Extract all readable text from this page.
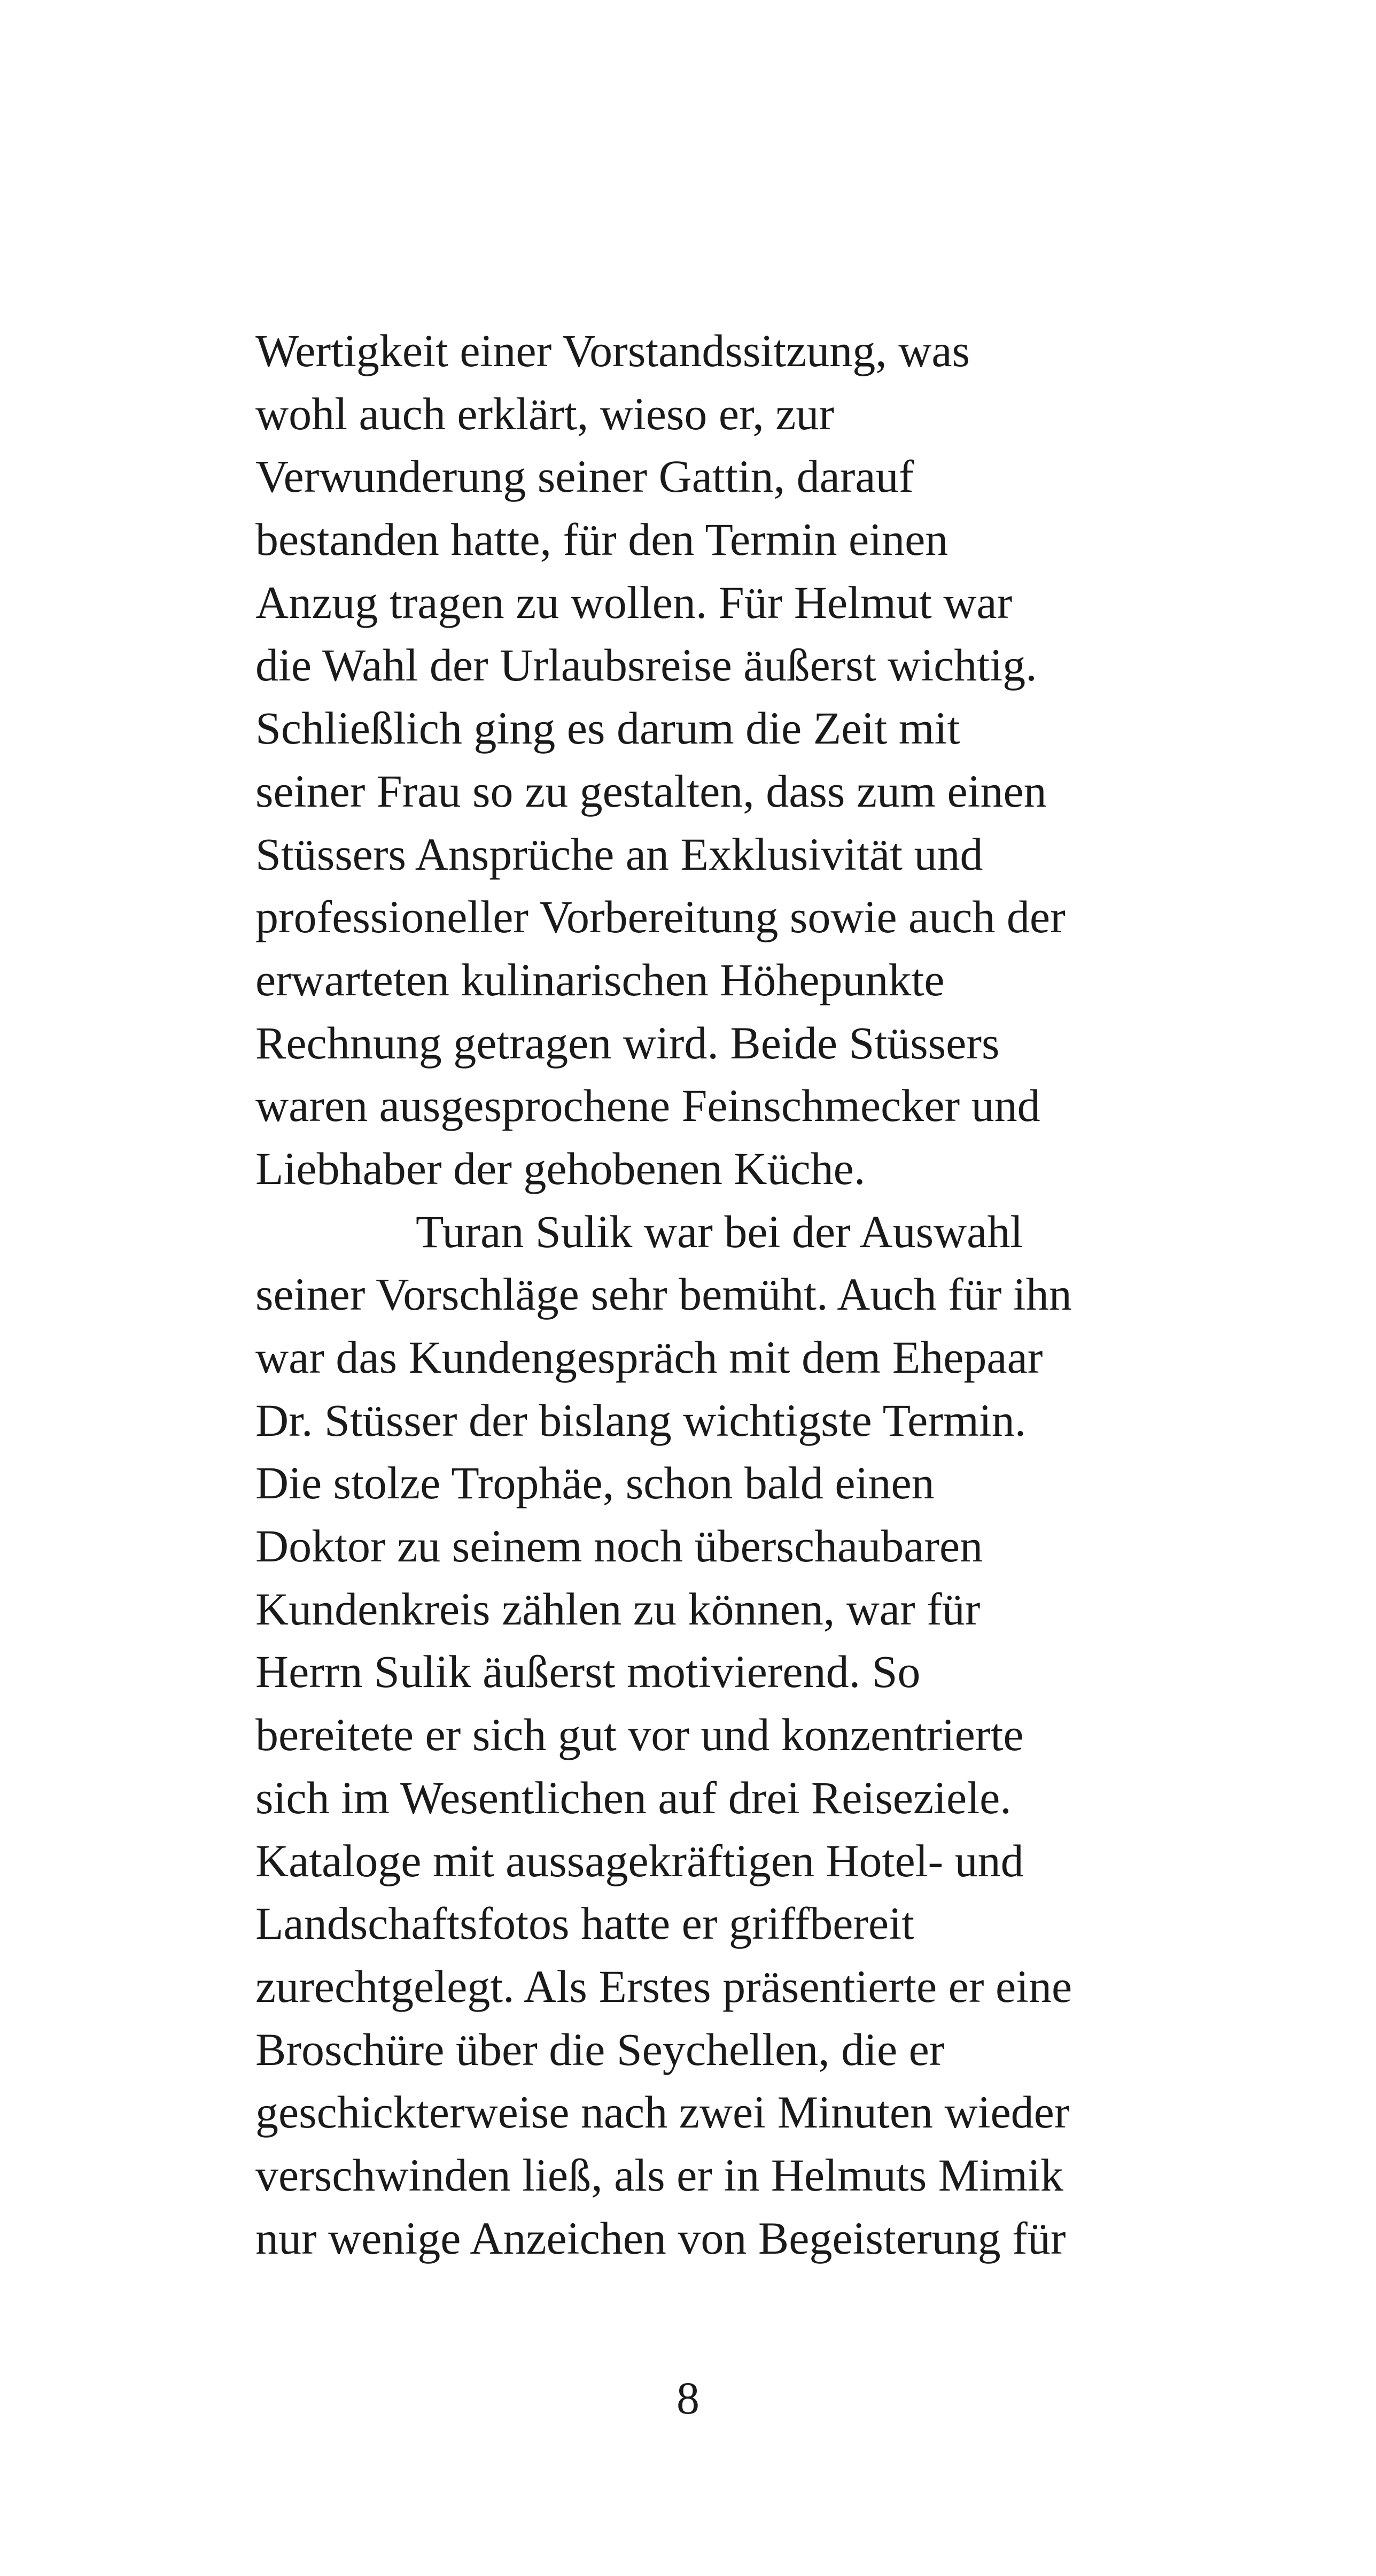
Wertigkeit einer Vorstandssitzung, was
wohl auch erklärt, wieso er, zur
Verwunderung seiner Gattin, darauf
bestanden hatte, für den Termin einen
Anzug tragen zu wollen. Für Helmut war
die Wahl der Urlaubsreise äußerst wichtig.
Schließlich ging es darum die Zeit mit
seiner Frau so zu gestalten, dass zum einen
Stüssers Ansprüche an Exklusivität und
professioneller Vorbereitung sowie auch der
erwarteten kulinarischen Höhepunkte
Rechnung getragen wird. Beide Stüssers
waren ausgesprochene Feinschmecker und
Liebhaber der gehobenen Küche.
Turan Sulik war bei der Auswahl
seiner Vorschläge sehr bemüht. Auch für ihn
war das Kundengespräch mit dem Ehepaar
Dr. Stüsser der bislang wichtigste Termin.
Die stolze Trophäe, schon bald einen
Doktor zu seinem noch überschaubaren
Kundenkreis zählen zu können, war für
Herrn Sulik äußerst motivierend. So
bereitete er sich gut vor und konzentrierte
sich im Wesentlichen auf drei Reiseziele.
Kataloge mit aussagekräftigen Hotel- und
Landschaftsfotos hatte er griffbereit
zurechtgelegt. Als Erstes präsentierte er eine
Broschüre über die Seychellen, die er
geschickterweise nach zwei Minuten wieder
verschwinden ließ, als er in Helmuts Mimik
nur wenige Anzeichen von Begeisterung für
8
